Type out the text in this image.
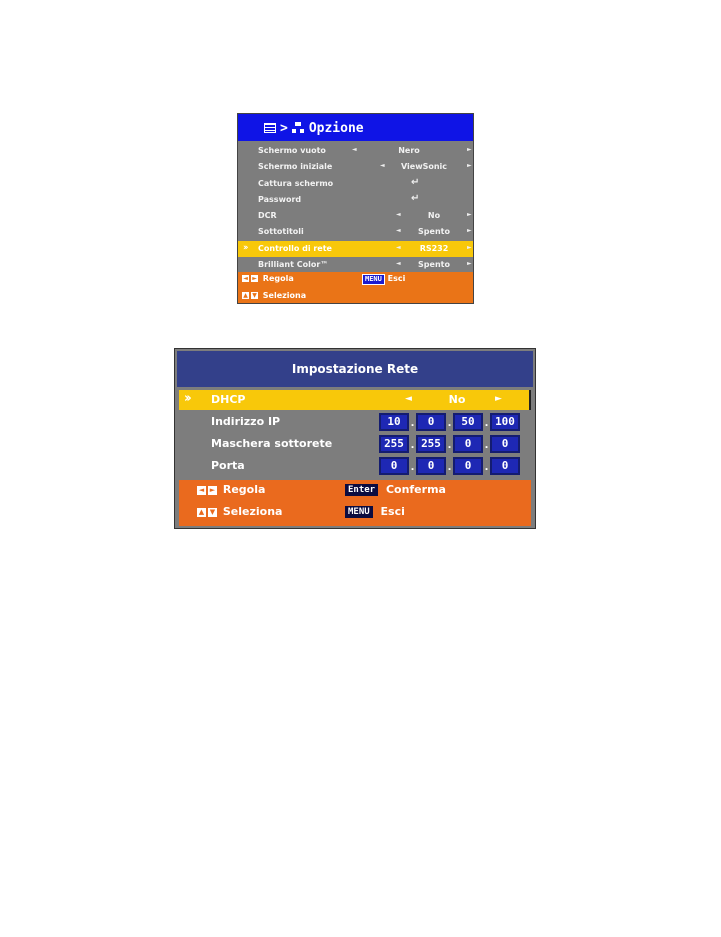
> Opzione
Schermo vuoto	◄	Nero	►
Schermo iniziale	◄	ViewSonic	►
Cattura schermo	↵
Password	↵
DCR	◄	No	►
Sottotitoli	◄	Spento	►
›› Controllo di rete	◄	RS232	►
Brilliant Color™	◄	Spento	►
◄ ► Regola	MENU Esci
▲ ▼ Seleziona
Impostazione Rete
›› DHCP	◄	No	►
Indirizzo IP	10 .	0	. 50 . 100
Maschera sottorete	255 . 255 .	0	.	0
Porta	0	.	0	.	0	.	0
◄ ► Regola	Enter Conferma
▲ ▼ Seleziona	MENU Esci
